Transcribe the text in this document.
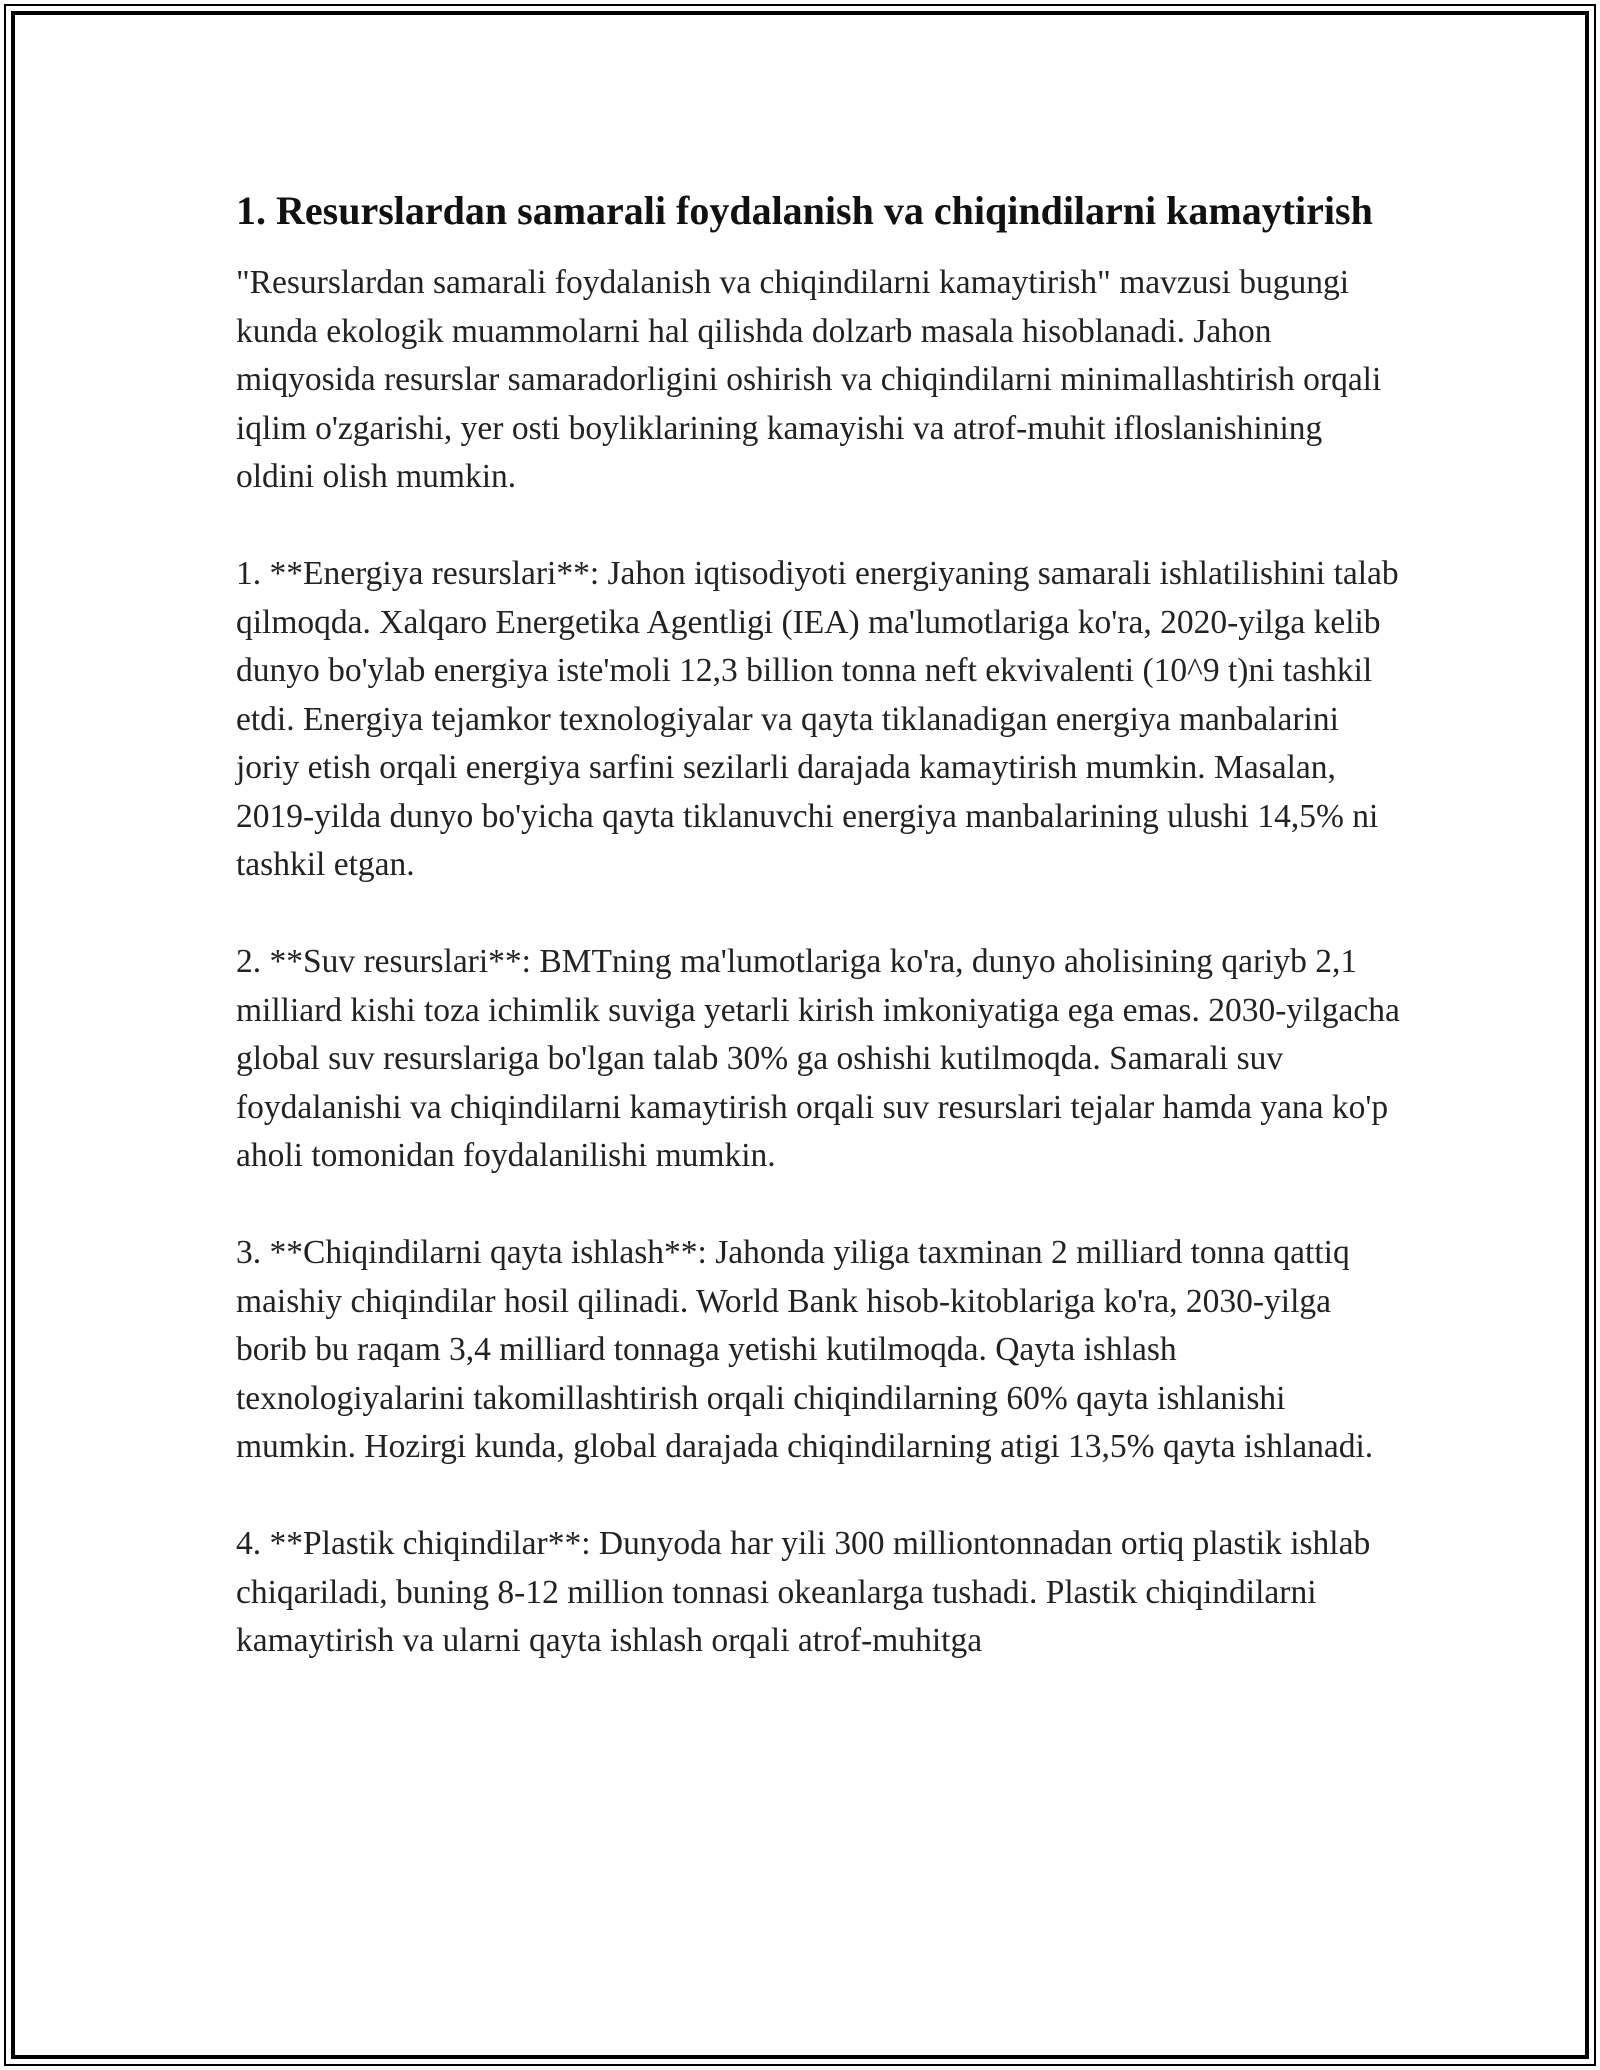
1. Resurslardan samarali foydalanish va chiqindilarni kamaytirish

"Resurslardan samarali foydalanish va chiqindilarni kamaytirish" mavzusi bugungi kunda ekologik muammolarni hal qilishda dolzarb masala hisoblanadi. Jahon miqyosida resurslar samaradorligini oshirish va chiqindilarni minimallashtirish orqali iqlim o'zgarishi, yer osti boyliklarining kamayishi va atrof-muhit ifloslanishining oldini olish mumkin.

1. **Energiya resurslari**: Jahon iqtisodiyoti energiyaning samarali ishlatilishini talab qilmoqda. Xalqaro Energetika Agentligi (IEA) ma'lumotlariga ko'ra, 2020-yilga kelib dunyo bo'ylab energiya iste'moli 12,3 billion tonna neft ekvivalenti (10^9 t)ni tashkil etdi. Energiya tejamkor texnologiyalar va qayta tiklanadigan energiya manbalarini joriy etish orqali energiya sarfini sezilarli darajada kamaytirish mumkin. Masalan, 2019-yilda dunyo bo'yicha qayta tiklanuvchi energiya manbalarining ulushi 14,5% ni tashkil etgan.

2. **Suv resurslari**: BMTning ma'lumotlariga ko'ra, dunyo aholisining qariyb 2,1 milliard kishi toza ichimlik suviga yetarli kirish imkoniyatiga ega emas. 2030-yilgacha global suv resurslariga bo'lgan talab 30% ga oshishi kutilmoqda. Samarali suv foydalanishi va chiqindilarni kamaytirish orqali suv resurslari tejalar hamda yana ko'p aholi tomonidan foydalanilishi mumkin.

3. **Chiqindilarni qayta ishlash**: Jahonda yiliga taxminan 2 milliard tonna qattiq maishiy chiqindilar hosil qilinadi. World Bank hisob-kitoblariga ko'ra, 2030-yilga borib bu raqam 3,4 milliard tonnaga yetishi kutilmoqda. Qayta ishlash texnologiyalarini takomillashtirish orqali chiqindilarning 60% qayta ishlanishi mumkin. Hozirgi kunda, global darajada chiqindilarning atigi 13,5% qayta ishlanadi.

4. **Plastik chiqindilar**: Dunyoda har yili 300 milliontonnadan ortiq plastik ishlab chiqariladi, buning 8-12 million tonnasi okeanlarga tushadi. Plastik chiqindilarni kamaytirish va ularni qayta ishlash orqali atrof-muhitga
